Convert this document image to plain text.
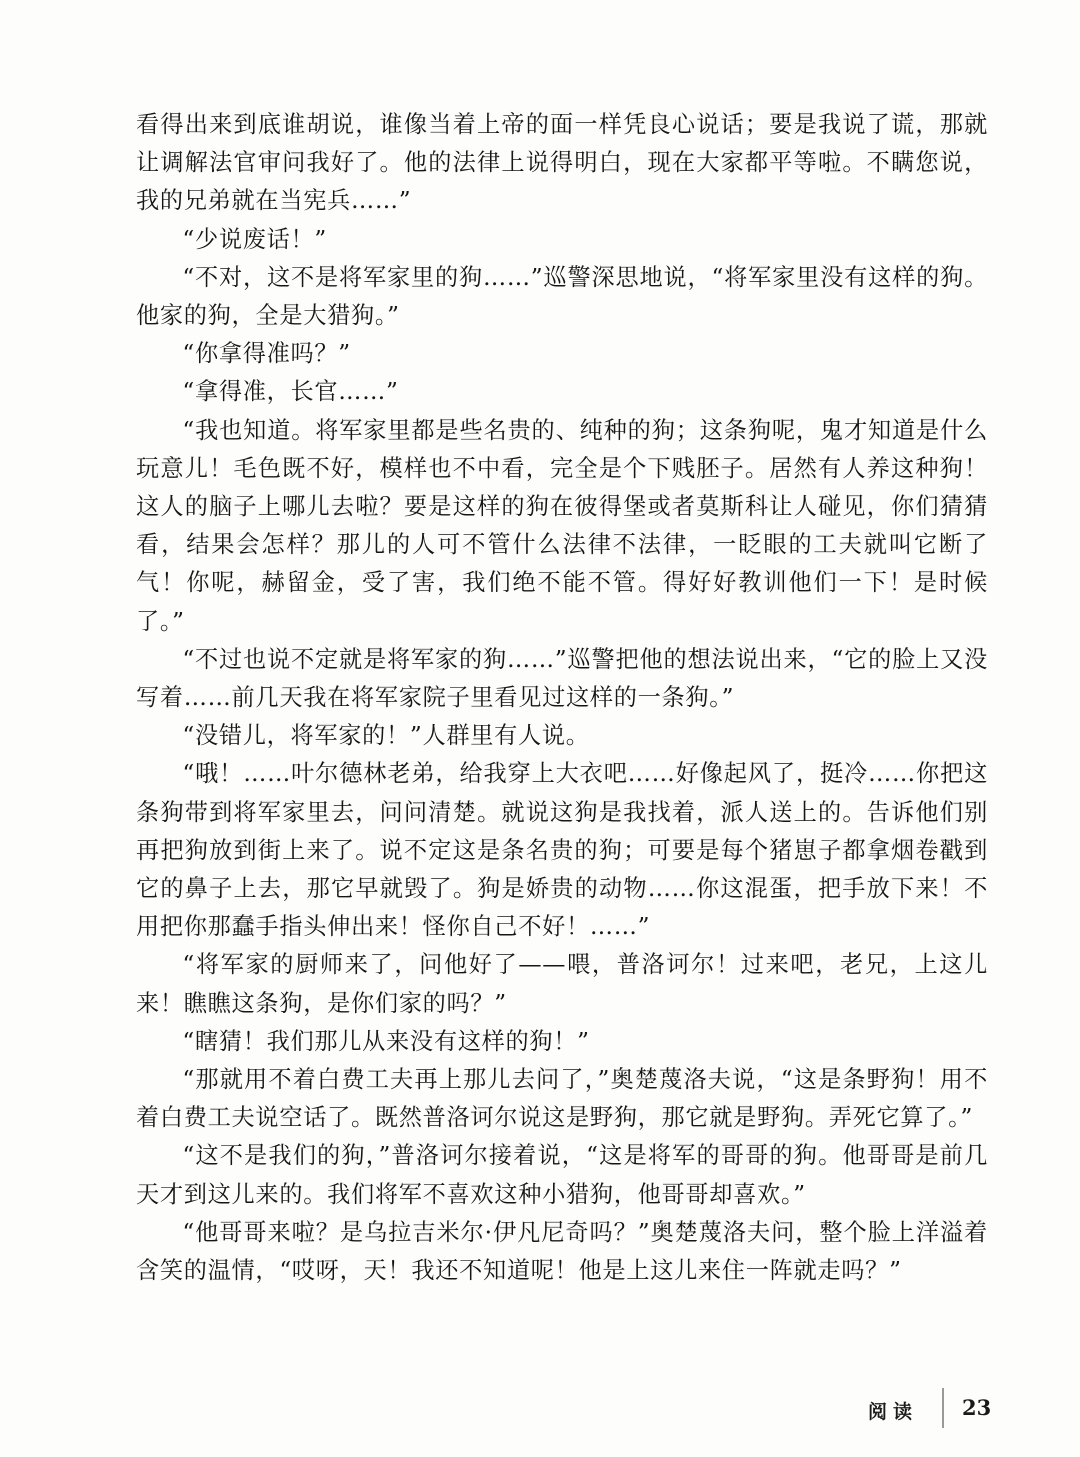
看得出来到底谁胡说，谁像当着上帝的面一样凭良心说话；要是我说了谎，那就让调解法官审问我好了。他的法律上说得明白，现在大家都平等啦。不瞒您说，我的兄弟就在当宪兵……”

“少说废话！”

“不对，这不是将军家里的狗……”巡警深思地说，“将军家里没有这样的狗。他家的狗，全是大猎狗。”

“你拿得准吗？”

“拿得准，长官……”

“我也知道。将军家里都是些名贵的、纯种的狗；这条狗呢，鬼才知道是什么玩意儿！毛色既不好，模样也不中看，完全是个下贱胚子。居然有人养这种狗！这人的脑子上哪儿去啦？要是这样的狗在彼得堡或者莫斯科让人碰见，你们猜猜看，结果会怎样？那儿的人可不管什么法律不法律，一眨眼的工夫就叫它断了气！你呢，赫留金，受了害，我们绝不能不管。得好好教训他们一下！是时候了。”

“不过也说不定就是将军家的狗……”巡警把他的想法说出来，“它的脸上又没写着……前几天我在将军家院子里看见过这样的一条狗。”

“没错儿，将军家的！”人群里有人说。

“哦！……叶尔德林老弟，给我穿上大衣吧……好像起风了，挺冷……你把这条狗带到将军家里去，问问清楚。就说这狗是我找着，派人送上的。告诉他们别再把狗放到街上来了。说不定这是条名贵的狗；可要是每个猪崽子都拿烟卷戳到它的鼻子上去，那它早就毁了。狗是娇贵的动物……你这混蛋，把手放下来！不用把你那蠢手指头伸出来！怪你自己不好！……”

“将军家的厨师来了，问他好了——喂，普洛诃尔！过来吧，老兄，上这儿来！瞧瞧这条狗，是你们家的吗？”

“瞎猜！我们那儿从来没有这样的狗！”

“那就用不着白费工夫再上那儿去问了，”奥楚蔑洛夫说，“这是条野狗！用不着白费工夫说空话了。既然普洛诃尔说这是野狗，那它就是野狗。弄死它算了。”

“这不是我们的狗，”普洛诃尔接着说，“这是将军的哥哥的狗。他哥哥是前几天才到这儿来的。我们将军不喜欢这种小猎狗，他哥哥却喜欢。”

“他哥哥来啦？是乌拉吉米尔·伊凡尼奇吗？”奥楚蔑洛夫问，整个脸上洋溢着含笑的温情，“哎呀，天！我还不知道呢！他是上这儿来住一阵就走吗？”

阅读 23
